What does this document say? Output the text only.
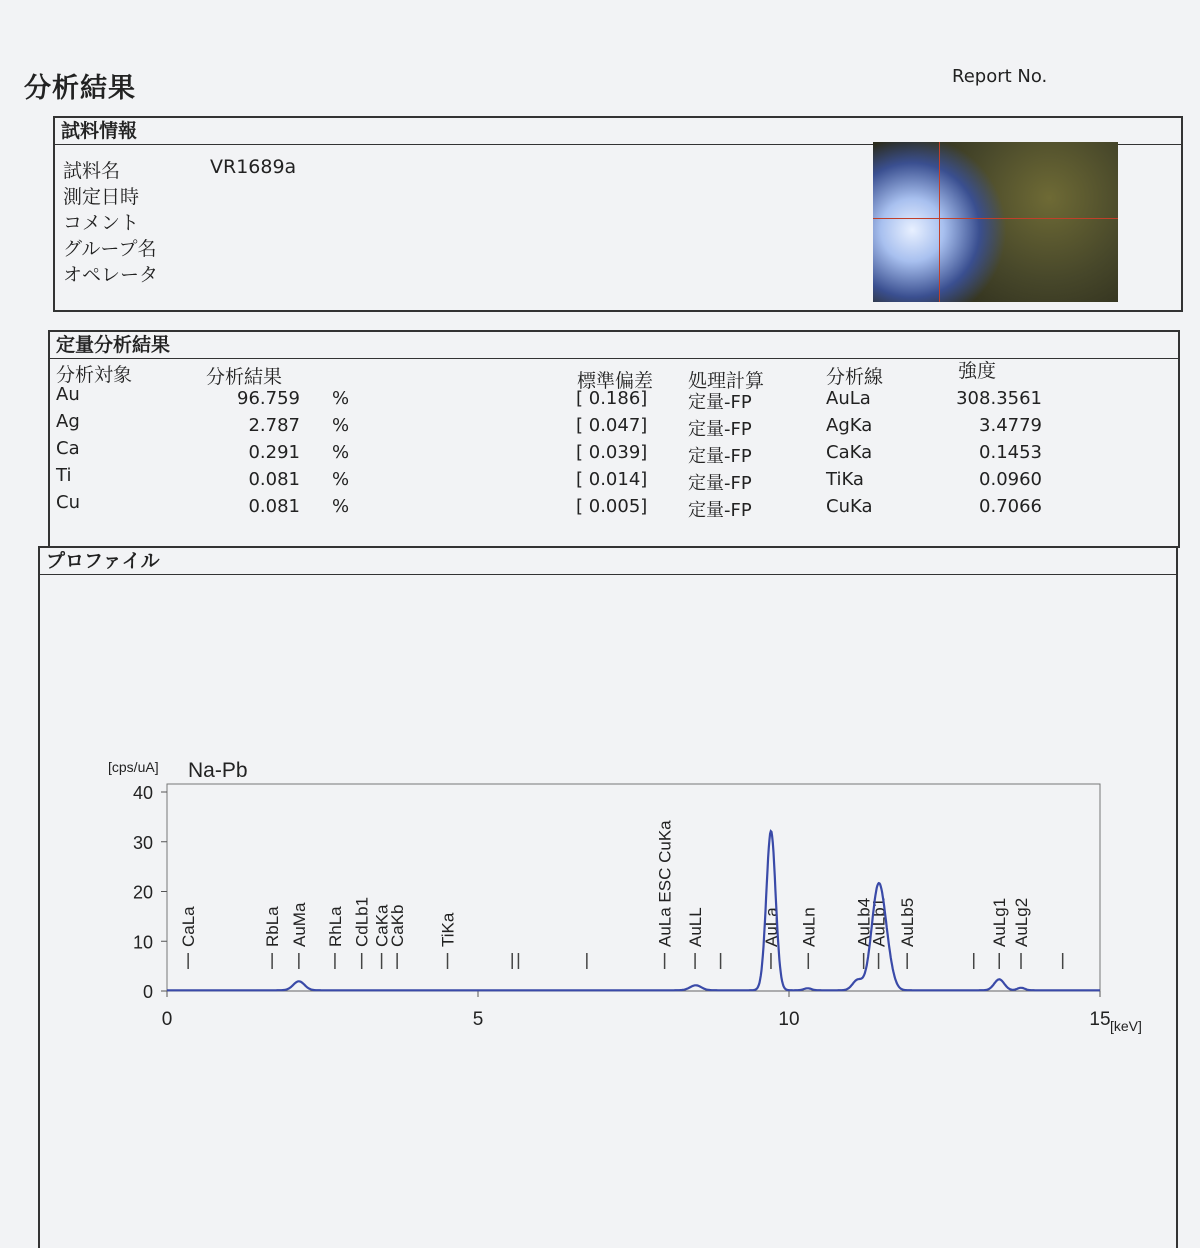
分析結果	Report No.
試料情報
試料名	VR1689a
測定日時
コメント
グループ名
オペレータ
定量分析結果
分析対象	分析結果	標準偏差 処理計算	分析線	強度
Au	96.759 %	[ 0.186] 定量-FP	AuLa	308.3561
Ag	2.787 %	[ 0.047] 定量-FP	AgKa	3.4779
Ca	0.291 %	[ 0.039] 定量-FP	CaKa	0.1453
Ti	0.081 %	[ 0.014] 定量-FP	TiKa	0.0960
Cu	0.081 %	[ 0.005] 定量-FP	CuKa	0.7066
プロファイル
0
10
20
30
40
0	5	10	15 [keV]
[cps/uA] Na-Pb
CaLa	RbLa AuMa RhLa CdLb1 CaKa
CaKb TiKa	AuLa ESC CuKa AuLL	AuLa AuLn AuLb4
AuLb1 AuLb5	AuLg1 AuLg2
